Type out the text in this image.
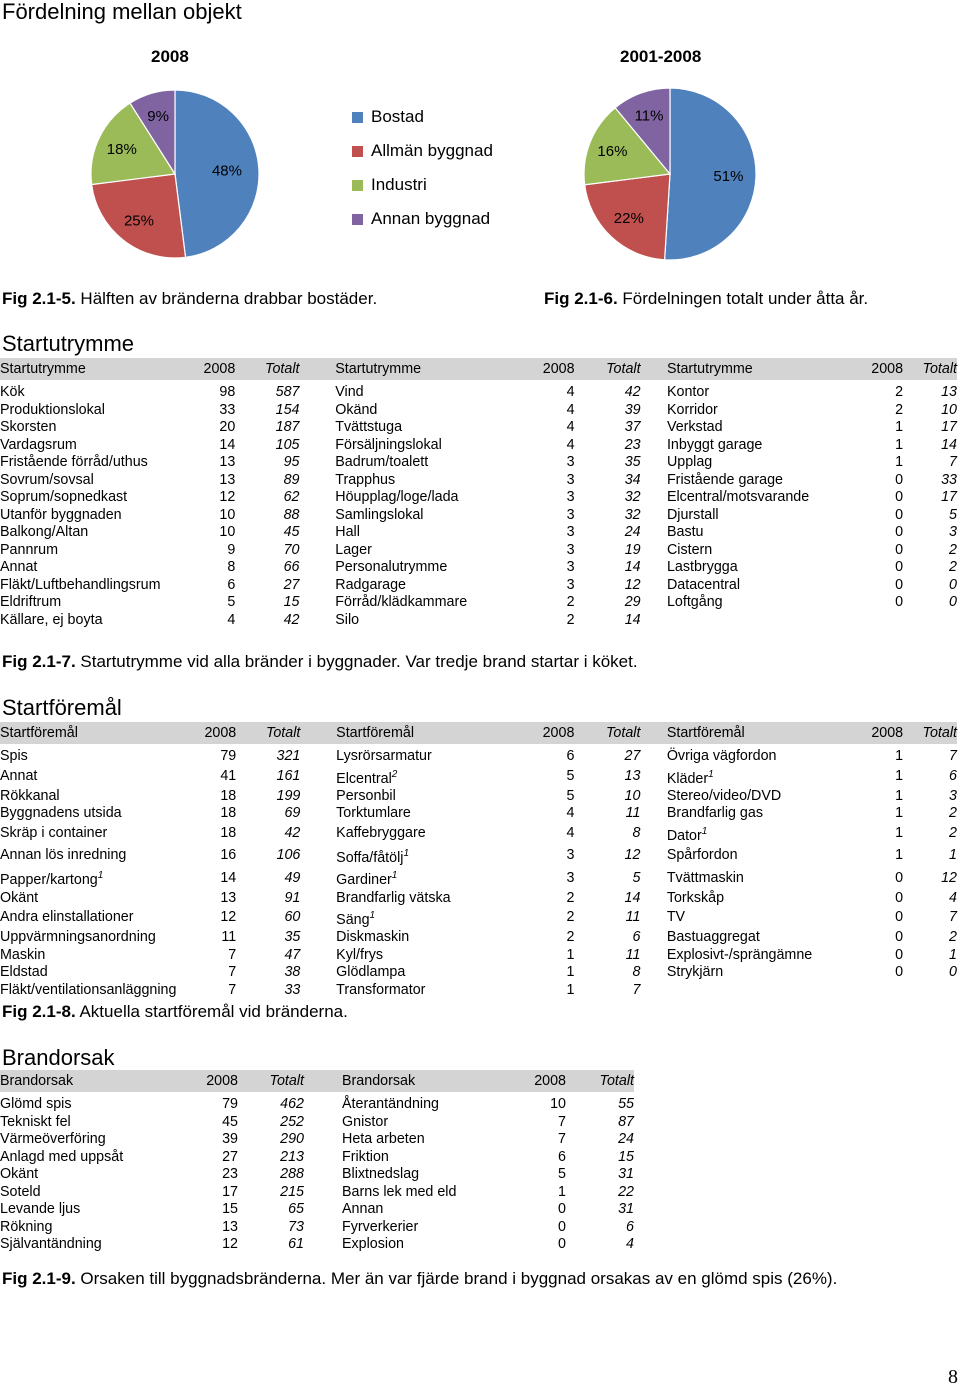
Fördelning mellan objekt
2008	2001-2008
48%
25%
18%
9%
51%
22%
16%
11%
Bostad
Allmän byggnad
Industri
Annan byggnad
Fig 2.1-5. Hälften av bränderna drabbar bostäder.	Fig 2.1-6. Fördelningen totalt under åtta år.
Startutrymme
Startutrymme	2008	Totalt		Startutrymme	2008	Totalt		Startutrymme	2008	Totalt

Kök	98	587		Vind	4	42		Kontor	2	13
Produktionslokal	33	154		Okänd	4	39		Korridor	2	10
Skorsten	20	187		Tvättstuga	4	37		Verkstad	1	17
Vardagsrum	14	105		Försäljningslokal	4	23		Inbyggt garage	1	14
Fristående förråd/uthus	13	95		Badrum/toalett	3	35		Upplag	1	7
Sovrum/sovsal	13	89		Trapphus	3	34		Fristående garage	0	33
Soprum/sopnedkast	12	62		Höupplag/loge/lada	3	32		Elcentral/motsvarande	0	17
Utanför byggnaden	10	88		Samlingslokal	3	32		Djurstall	0	5
Balkong/Altan	10	45		Hall	3	24		Bastu	0	3
Pannrum	9	70		Lager	3	19		Cistern	0	2
Annat	8	66		Personalutrymme	3	14		Lastbrygga	0	2
Fläkt/Luftbehandlingsrum	6	27		Radgarage	3	12		Datacentral	0	0
Eldriftrum	5	15		Förråd/klädkammare	2	29		Loftgång	0	0
Källare, ej boyta	4	42		Silo	2	14				
Fig 2.1-7. Startutrymme vid alla bränder i byggnader. Var tredje brand startar i köket.
Startföremål
Startföremål	2008	Totalt		Startföremål	2008	Totalt		Startföremål	2008	Totalt

Spis	79	321		Lysrörsarmatur	6	27		Övriga vägfordon	1	7
Annat	41	161		Elcentral$^2$	5	13		Kläder$^1$	1	6
Rökkanal	18	199		Personbil	5	10		Stereo/video/DVD	1	3
Byggnadens utsida	18	69		Torktumlare	4	11		Brandfarlig gas	1	2
Skräp i container	18	42		Kaffebryggare	4	8		Dator$^1$	1	2
Annan lös inredning	16	106		Soffa/fåtölj$^1$	3	12		Spårfordon	1	1
Papper/kartong$^1$	14	49		Gardiner$^1$	3	5		Tvättmaskin	0	12
Okänt	13	91		Brandfarlig vätska	2	14		Torkskåp	0	4
Andra elinstallationer	12	60		Säng$^1$	2	11		TV	0	7
Uppvärmningsanordning	11	35		Diskmaskin	2	6		Bastuaggregat	0	2
Maskin	7	47		Kyl/frys	1	11		Explosivt-/sprängämne	0	1
Eldstad	7	38		Glödlampa	1	8		Strykjärn	0	0
Fläkt/ventilationsanläggning	7	33		Transformator	1	7				
Fig 2.1-8. Aktuella startföremål vid bränderna.
Brandorsak
Brandorsak	2008	Totalt		Brandorsak	2008	Totalt

Glömd spis	79	462		Återantändning	10	55
Tekniskt fel	45	252		Gnistor	7	87
Värmeöverföring	39	290		Heta arbeten	7	24
Anlagd med uppsåt	27	213		Friktion	6	15
Okänt	23	288		Blixtnedslag	5	31
Soteld	17	215		Barns lek med eld	1	22
Levande ljus	15	65		Annan	0	31
Rökning	13	73		Fyrverkerier	0	6
Självantändning	12	61		Explosion	0	4
Fig 2.1-9. Orsaken till byggnadsbränderna. Mer än var fjärde brand i byggnad orsakas av en glömd spis (26%).
8
